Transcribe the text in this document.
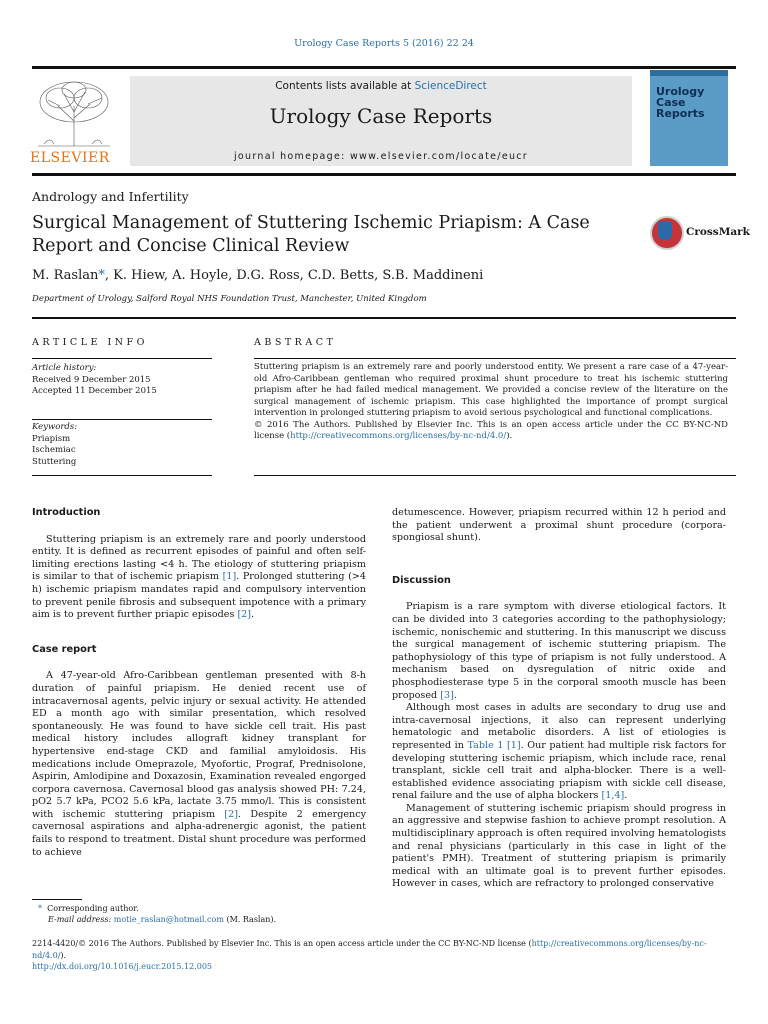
Urology Case Reports 5 (2016) 22 24
ELSEVIER
Contents lists available at ScienceDirect
Urology Case Reports
journal homepage: www.elsevier.com/locate/eucr
Urology Case Reports
Andrology and Infertility
Surgical Management of Stuttering Ischemic Priapism: A Case Report and Concise Clinical Review
CrossMark
M. Raslan*, K. Hiew, A. Hoyle, D.G. Ross, C.D. Betts, S.B. Maddineni
Department of Urology, Salford Royal NHS Foundation Trust, Manchester, United Kingdom
ARTICLE INFO	ABSTRACT
Article history:
Received 9 December 2015
Accepted 11 December 2015
Keywords:
Priapism
Ischemiac
Stuttering
Stuttering priapism is an extremely rare and poorly understood entity. We present a rare case of a 47-year-old Afro-Caribbean gentleman who required proximal shunt procedure to treat his ischemic stuttering priapism after he had failed medical management. We provided a concise review of the literature on the surgical management of ischemic priapism. This case highlighted the importance of prompt surgical intervention in prolonged stuttering priapism to avoid serious psychological and functional complications.
© 2016 The Authors. Published by Elsevier Inc. This is an open access article under the CC BY-NC-ND license (http://creativecommons.org/licenses/by-nc-nd/4.0/).
Introduction

Stuttering priapism is an extremely rare and poorly understood entity. It is defined as recurrent episodes of painful and often self-limiting erections lasting <4 h. The etiology of stuttering priapism is similar to that of ischemic priapism [1]. Prolonged stuttering (>4 h) ischemic priapism mandates rapid and compulsory intervention to prevent penile fibrosis and subsequent impotence with a primary aim is to prevent further priapic episodes [2].

Case report

A 47-year-old Afro-Caribbean gentleman presented with 8-h duration of painful priapism. He denied recent use of intracavernosal agents, pelvic injury or sexual activity. He attended ED a month ago with similar presentation, which resolved spontaneously. He was found to have sickle cell trait. His past medical history includes allograft kidney transplant for hypertensive end-stage CKD and familial amyloidosis. His medications include Omeprazole, Myofortic, Prograf, Prednisolone, Aspirin, Amlodipine and Doxazosin, Examination revealed engorged corpora cavernosa. Cavernosal blood gas analysis showed PH: 7.24, pO2 5.7 kPa, PCO2 5.6 kPa, lactate 3.75 mmo/l. This is consistent with ischemic stuttering priapism [2]. Despite 2 emergency cavernosal aspirations and alpha-adrenergic agonist, the patient fails to respond to treatment. Distal shunt procedure was performed to achieve

detumescence. However, priapism recurred within 12 h period and the patient underwent a proximal shunt procedure (corpora-spongiosal shunt).

Discussion

Priapism is a rare symptom with diverse etiological factors. It can be divided into 3 categories according to the pathophysiology; ischemic, nonischemic and stuttering. In this manuscript we discuss the surgical management of ischemic stuttering priapism. The pathophysiology of this type of priapism is not fully understood. A mechanism based on dysregulation of nitric oxide and phosphodiesterase type 5 in the corporal smooth muscle has been proposed [3].

Although most cases in adults are secondary to drug use and intra-cavernosal injections, it also can represent underlying hematologic and metabolic disorders. A list of etiologies is represented in Table 1 [1]. Our patient had multiple risk factors for developing stuttering ischemic priapism, which include race, renal transplant, sickle cell trait and alpha-blocker. There is a well-established evidence associating priapism with sickle cell disease, renal failure and the use of alpha blockers [1,4].

Management of stuttering ischemic priapism should progress in an aggressive and stepwise fashion to achieve prompt resolution. A multidisciplinary approach is often required involving hematologists and renal physicians (particularly in this case in light of the patient's PMH). Treatment of stuttering priapism is primarily medical with an ultimate goal is to prevent further episodes. However in cases, which are refractory to prolonged conservative

* Corresponding author.
E-mail address: motie_raslan@hotmail.com (M. Raslan).
2214-4420/© 2016 The Authors. Published by Elsevier Inc. This is an open access article under the CC BY-NC-ND license (http://creativecommons.org/licenses/by-nc-nd/4.0/).
http://dx.doi.org/10.1016/j.eucr.2015.12.005
